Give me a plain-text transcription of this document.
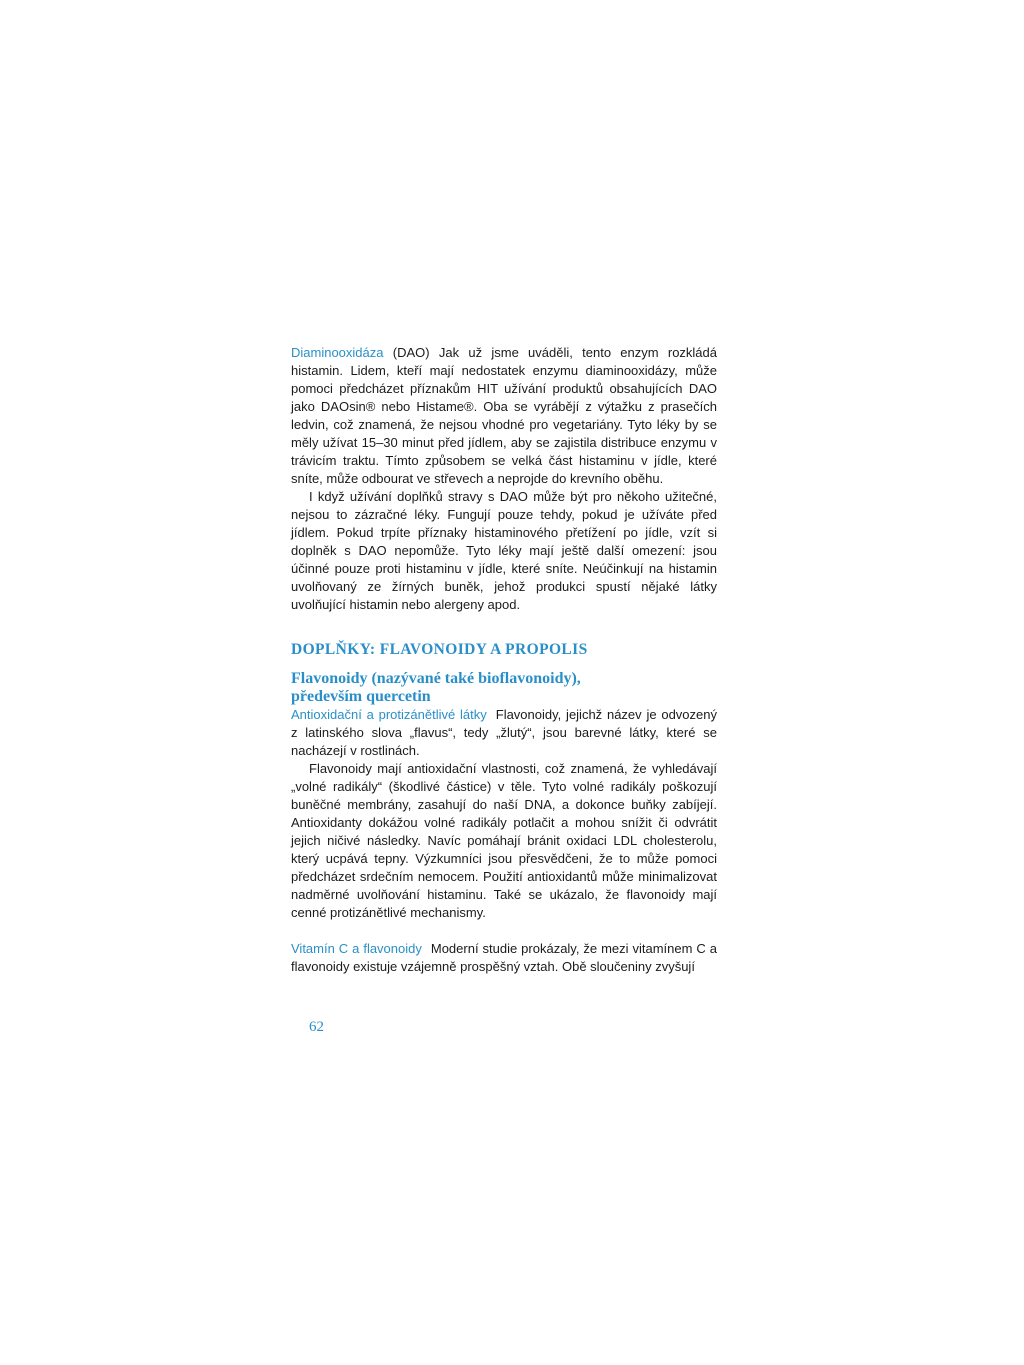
Diaminooxidáza (DAO) Jak už jsme uváděli, tento enzym rozkládá histamin. Lidem, kteří mají nedostatek enzymu diaminooxidázy, může pomoci předcházet příznakům HIT užívání produktů obsahujících DAO jako DAOsin® nebo Histame®. Oba se vyrábějí z výtažku z prasečích ledvin, což znamená, že nejsou vhodné pro vegetariány. Tyto léky by se měly užívat 15–30 minut před jídlem, aby se zajistila distribuce enzymu v trávicím traktu. Tímto způsobem se velká část histaminu v jídle, které sníte, může odbourat ve střevech a neprojde do krevního oběhu.

I když užívání doplňků stravy s DAO může být pro někoho užitečné, nejsou to zázračné léky. Fungují pouze tehdy, pokud je užíváte před jídlem. Pokud trpíte příznaky histaminového přetížení po jídle, vzít si doplněk s DAO nepomůže. Tyto léky mají ještě další omezení: jsou účinné pouze proti histaminu v jídle, které sníte. Neúčinkují na histamin uvolňovaný ze žírných buněk, jehož produkci spustí nějaké látky uvolňující histamin nebo alergeny apod.

DOPLŇKY: FLAVONOIDY A PROPOLIS
Flavonoidy (nazývané také bioflavonoidy),
především quercetin

Antioxidační a protizánětlivé látky Flavonoidy, jejichž název je odvozený z latinského slova „flavus“, tedy „žlutý“, jsou barevné látky, které se nacházejí v rostlinách.

Flavonoidy mají antioxidační vlastnosti, což znamená, že vyhledávají „volné radikály“ (škodlivé částice) v těle. Tyto volné radikály poškozují buněčné membrány, zasahují do naší DNA, a dokonce buňky zabíjejí. Antioxidanty dokážou volné radikály potlačit a mohou snížit či odvrátit jejich ničivé následky. Navíc pomáhají bránit oxidaci LDL cholesterolu, který ucpává tepny. Výzkumníci jsou přesvědčeni, že to může pomoci předcházet srdečním nemocem. Použití antioxidantů může minimalizovat nadměrné uvolňování histaminu. Také se ukázalo, že flavonoidy mají cenné protizánětlivé mechanismy.

Vitamín C a flavonoidy Moderní studie prokázaly, že mezi vitamínem C a flavonoidy existuje vzájemně prospěšný vztah. Obě sloučeniny zvyšují

62
